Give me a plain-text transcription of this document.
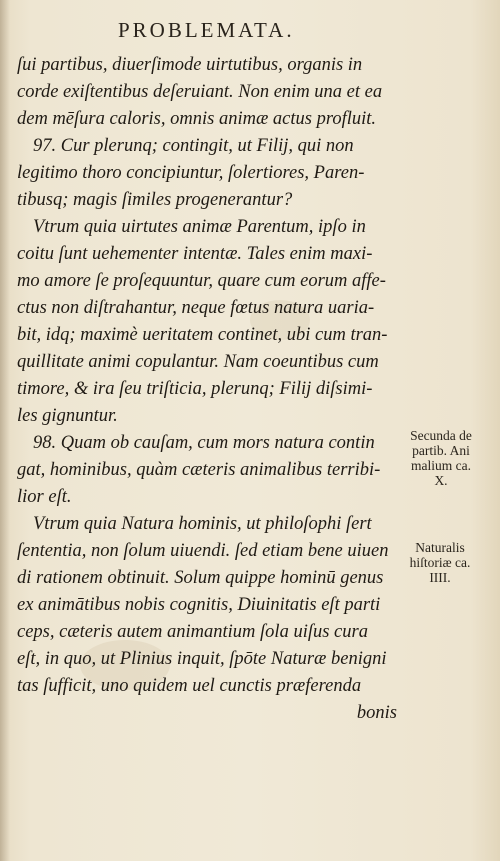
PROBLEMATA.
ſui partibus, diuerſimode uirtutibus, organis in
corde exiſtentibus deſeruiant. Non enim una et ea
dem mēſura caloris, omnis animæ actus profluit.
97. Cur plerunq; contingit, ut Filij, qui non
legitimo thoro concipiuntur, ſolertiores, Paren-
tibusq; magis ſimiles progenerantur?
Vtrum quia uirtutes animæ Parentum, ipſo in
coitu ſunt uehementer intentæ. Tales enim maxi-
mo amore ſe proſequuntur, quare cum eorum affe-
ctus non diſtrahantur, neque fœtus natura uaria-
bit, idq; maximè ueritatem continet, ubi cum tran-
quillitate animi copulantur. Nam coeuntibus cum
timore, & ira ſeu triſticia, plerunq; Filij diſsimi-
les gignuntur.
98. Quam ob cauſam, cum mors natura contin
gat, hominibus, quàm cæteris animalibus terribi-
lior eſt.
Vtrum quia Natura hominis, ut philoſophi ſert
ſententia, non ſolum uiuendi. ſed etiam bene uiuen
di rationem obtinuit. Solum quippe hominū genus
ex animātibus nobis cognitis, Diuinitatis eſt parti
ceps, cæteris autem animantium ſola uiſus cura
eſt, in quo, ut Plinius inquit, ſpōte Naturæ benigni
tas ſufficit, uno quidem uel cunctis præferenda
bonis
Secunda de
partib. Ani
malium ca.
X.
Naturalis
hiſtoriæ ca.
IIII.
